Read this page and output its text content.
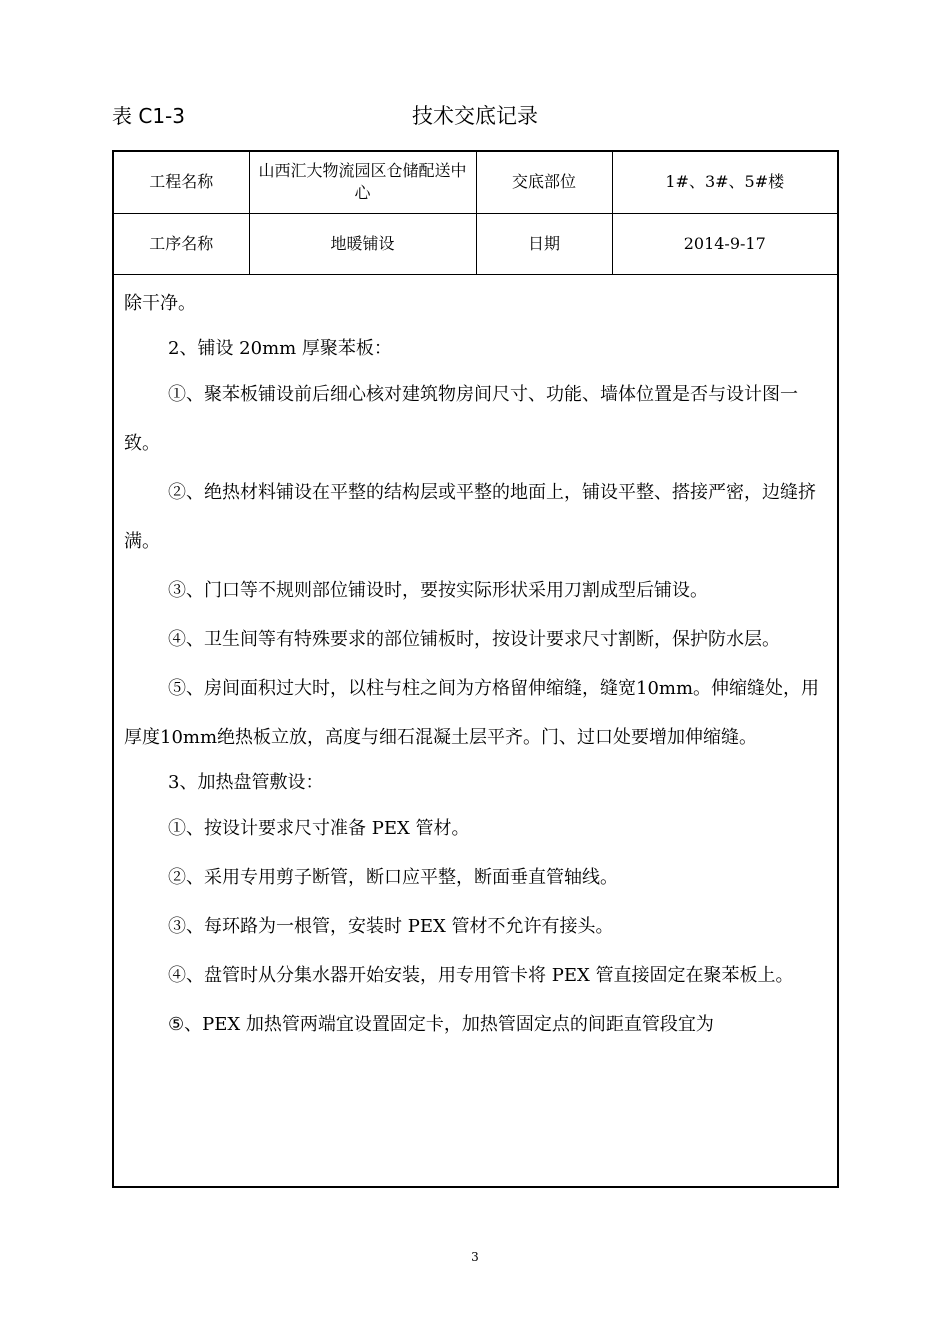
表 C1-3	技术交底记录
工程名称	山西汇大物流园区仓储配送中心	交底部位	1#、3#、5#楼
工序名称	地暖铺设	日期	2014-9-17

除干净。

2、铺设 20mm 厚聚苯板：

①、聚苯板铺设前后细心核对建筑物房间尺寸、功能、墙体位置是否与设计图一致。

②、绝热材料铺设在平整的结构层或平整的地面上，铺设平整、搭接严密，边缝挤满。

③、门口等不规则部位铺设时，要按实际形状采用刀割成型后铺设。

④、卫生间等有特殊要求的部位铺板时，按设计要求尺寸割断，保护防水层。

⑤、房间面积过大时，以柱与柱之间为方格留伸缩缝，缝宽10mm。伸缩缝处，用厚度10mm绝热板立放，高度与细石混凝土层平齐。门、过口处要增加伸缩缝。

3、加热盘管敷设：

①、按设计要求尺寸准备 PEX 管材。

②、采用专用剪子断管，断口应平整，断面垂直管轴线。

③、每环路为一根管，安装时 PEX 管材不允许有接头。

④、盘管时从分集水器开始安装，用专用管卡将 PEX 管直接固定在聚苯板上。

⑤、PEX 加热管两端宜设置固定卡，加热管固定点的间距直管段宜为

3
